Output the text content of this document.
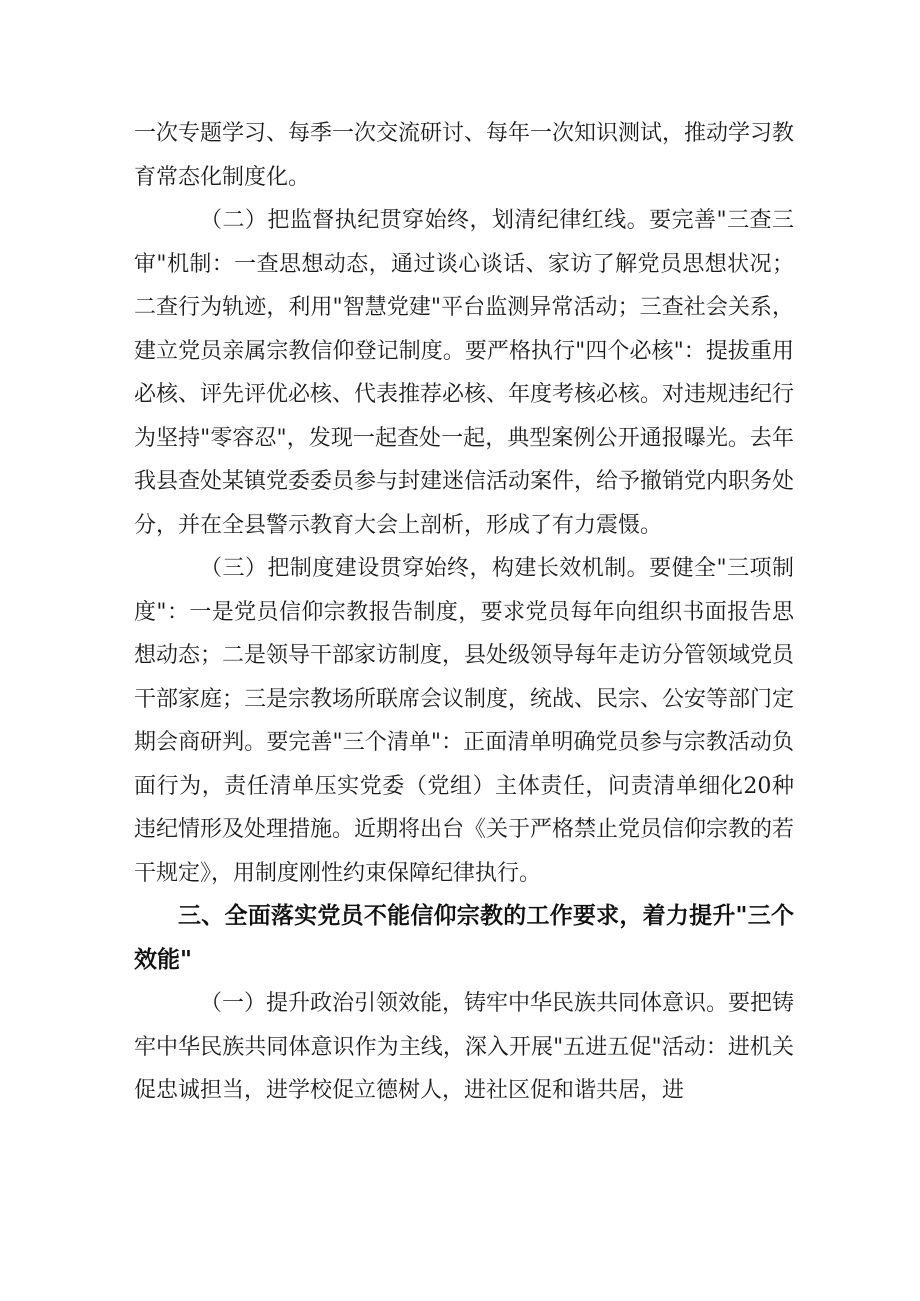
一次专题学习、每季一次交流研讨、每年一次知识测试，推动学习教育常态化制度化。

（二）把监督执纪贯穿始终，划清纪律红线。要完善"三查三审"机制：一查思想动态，通过谈心谈话、家访了解党员思想状况；二查行为轨迹，利用"智慧党建"平台监测异常活动；三查社会关系，建立党员亲属宗教信仰登记制度。要严格执行"四个必核"：提拔重用必核、评先评优必核、代表推荐必核、年度考核必核。对违规违纪行为坚持"零容忍"，发现一起查处一起，典型案例公开通报曝光。去年我县查处某镇党委委员参与封建迷信活动案件，给予撤销党内职务处分，并在全县警示教育大会上剖析，形成了有力震慑。

（三）把制度建设贯穿始终，构建长效机制。要健全"三项制度"：一是党员信仰宗教报告制度，要求党员每年向组织书面报告思想动态；二是领导干部家访制度，县处级领导每年走访分管领域党员干部家庭；三是宗教场所联席会议制度，统战、民宗、公安等部门定期会商研判。要完善"三个清单"：正面清单明确党员参与宗教活动负面行为，责任清单压实党委（党组）主体责任，问责清单细化20种违纪情形及处理措施。近期将出台《关于严格禁止党员信仰宗教的若干规定》，用制度刚性约束保障纪律执行。

三、全面落实党员不能信仰宗教的工作要求，着力提升"三个效能"

（一）提升政治引领效能，铸牢中华民族共同体意识。要把铸牢中华民族共同体意识作为主线，深入开展"五进五促"活动：进机关促忠诚担当，进学校促立德树人，进社区促和谐共居，进
